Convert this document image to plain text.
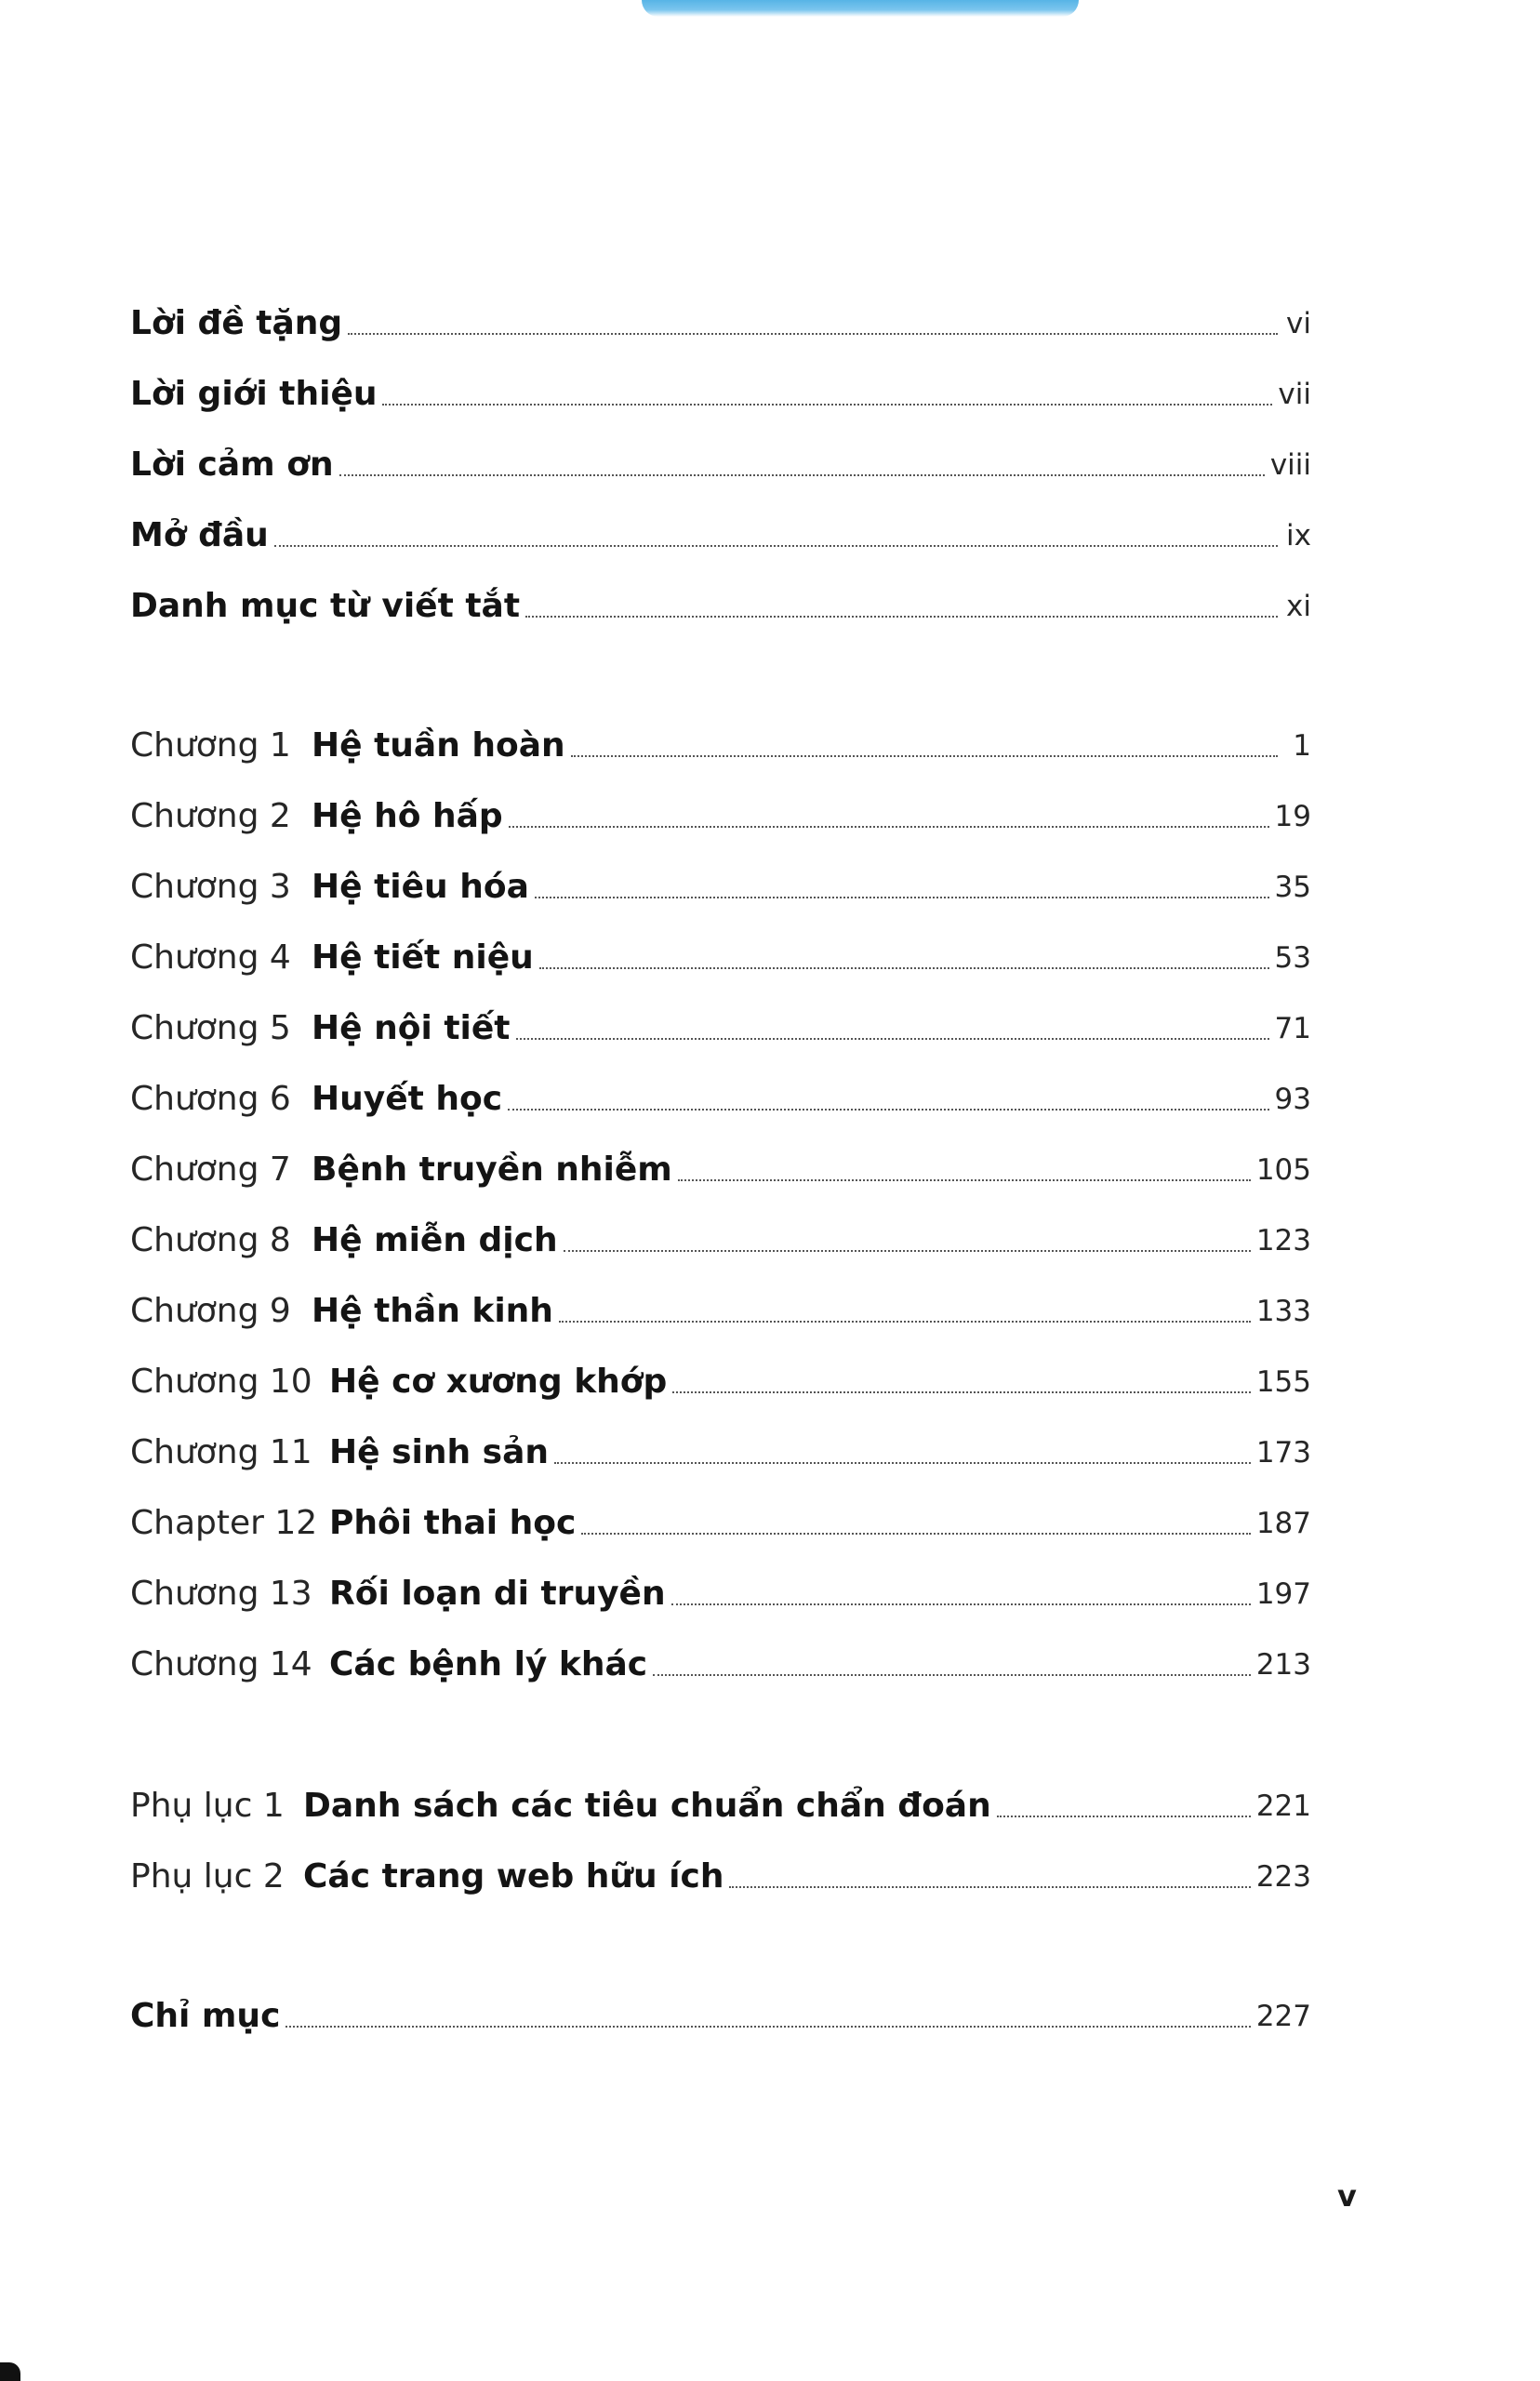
Lời đề tặng	vi
Lời giới thiệu	vii
Lời cảm ơn	viii
Mở đầu	ix
Danh mục từ viết tắt	xi
Chương 1 Hệ tuần hoàn	1
Chương 2 Hệ hô hấp	19
Chương 3 Hệ tiêu hóa	35
Chương 4 Hệ tiết niệu	53
Chương 5 Hệ nội tiết	71
Chương 6 Huyết học	93
Chương 7 Bệnh truyền nhiễm	105
Chương 8 Hệ miễn dịch	123
Chương 9 Hệ thần kinh	133
Chương 10 Hệ cơ xương khớp	155
Chương 11 Hệ sinh sản	173
Chapter 12 Phôi thai học	187
Chương 13 Rối loạn di truyền	197
Chương 14 Các bệnh lý khác	213
Phụ lục 1 Danh sách các tiêu chuẩn chẩn đoán	221
Phụ lục 2 Các trang web hữu ích	223
Chỉ mục	227
v
